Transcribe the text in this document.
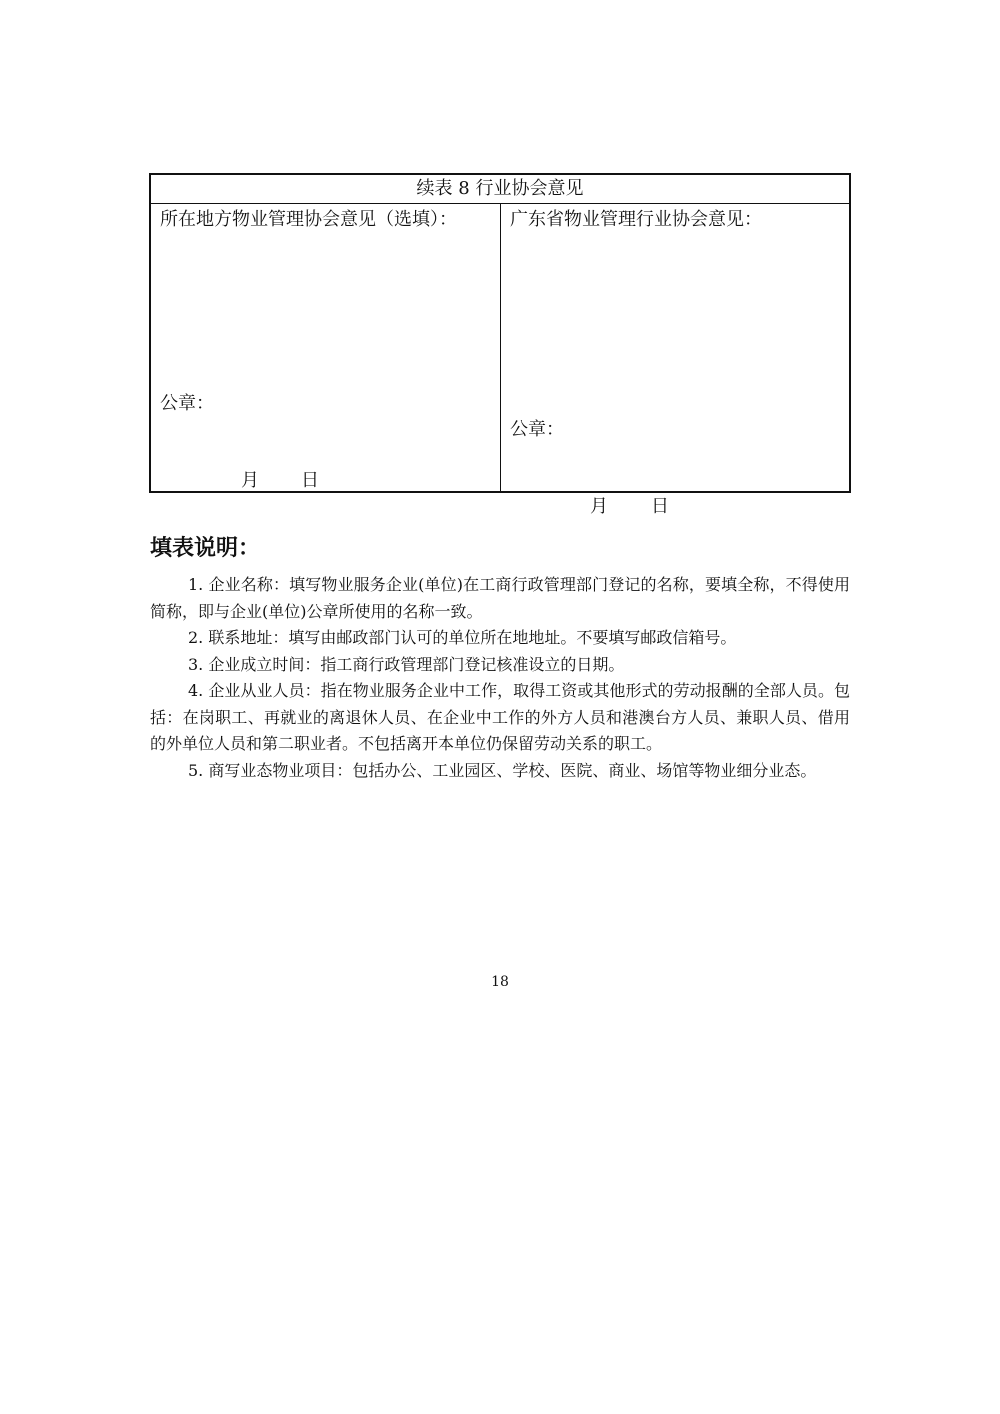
续表 8 行业协会意见
所在地方物业管理协会意见（选填）：
公章：
月 日
广东省物业管理行业协会意见：
公章：
月 日
填表说明：

1. 企业名称：填写物业服务企业(单位)在工商行政管理部门登记的名称，要填全称，不得使用简称，即与企业(单位)公章所使用的名称一致。

2. 联系地址：填写由邮政部门认可的单位所在地地址。不要填写邮政信箱号。

3. 企业成立时间：指工商行政管理部门登记核准设立的日期。

4. 企业从业人员：指在物业服务企业中工作，取得工资或其他形式的劳动报酬的全部人员。包括：在岗职工、再就业的离退休人员、在企业中工作的外方人员和港澳台方人员、兼职人员、借用的外单位人员和第二职业者。不包括离开本单位仍保留劳动关系的职工。

5. 商写业态物业项目：包括办公、工业园区、学校、医院、商业、场馆等物业细分业态。

18
